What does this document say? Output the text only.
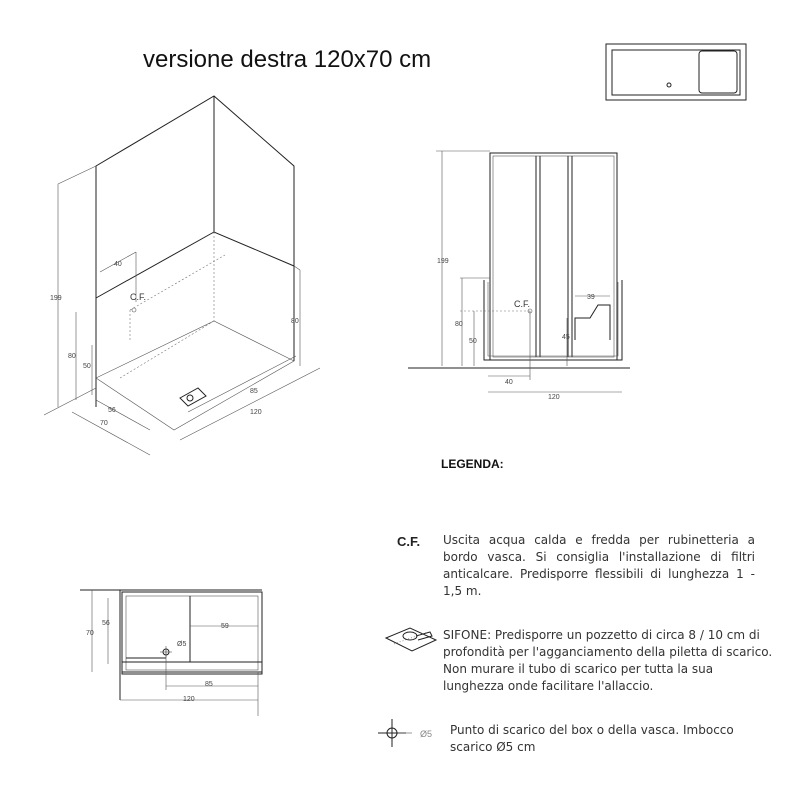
versione destra 120x70 cm
199
80
80
50
40
C.F.
56
70
85
120
199
80
50
45
39
C.F.
40
120
70
56	59
Ø5
85
120
LEGENDA:
C.F. Uscita acqua calda e fredda per rubinetteria a bordo vasca. Si consiglia l'installazione di filtri anticalcare. Predisporre flessibili di lunghezza 1 - 1,5 m.
SIFONE: Predisporre un pozzetto di circa 8 / 10 cm di profondità per l'agganciamento della piletta di scarico. Non murare il tubo di scarico per tutta la sua lunghezza onde facilitare l'allaccio.
Ø5 Punto di scarico del box o della vasca. Imbocco scarico Ø5 cm
